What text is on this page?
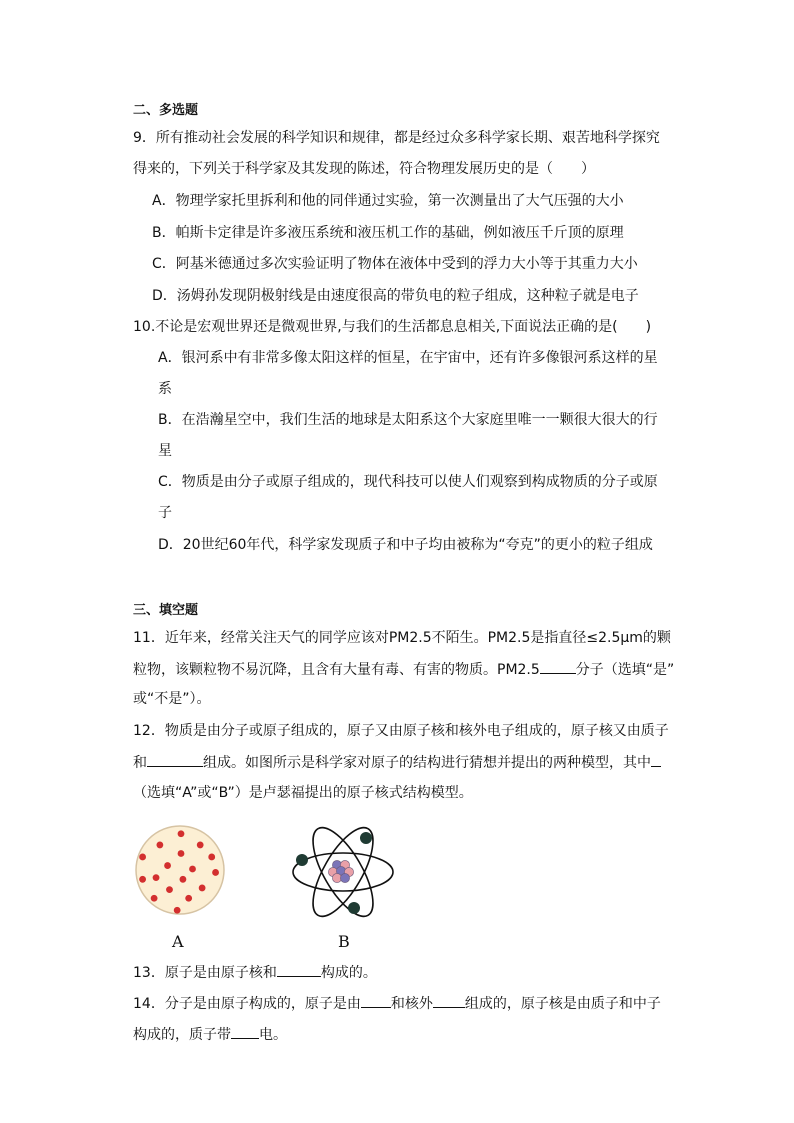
二、多选题
9．所有推动社会发展的科学知识和规律，都是经过众多科学家长期、艰苦地科学探究
得来的，下列关于科学家及其发现的陈述，符合物理发展历史的是（　　）
A．物理学家托里拆利和他的同伴通过实验，第一次测量出了大气压强的大小
B．帕斯卡定律是许多液压系统和液压机工作的基础，例如液压千斤顶的原理
C．阿基米德通过多次实验证明了物体在液体中受到的浮力大小等于其重力大小
D．汤姆孙发现阴极射线是由速度很高的带负电的粒子组成，这种粒子就是电子
10.不论是宏观世界还是微观世界,与我们的生活都息息相关,下面说法正确的是(　　)
A．银河系中有非常多像太阳这样的恒星，在宇宙中，还有许多像银河系这样的星
系
B．在浩瀚星空中，我们生活的地球是太阳系这个大家庭里唯一一颗很大很大的行
星
C．物质是由分子或原子组成的，现代科技可以使人们观察到构成物质的分子或原
子
D．20世纪60年代，科学家发现质子和中子均由被称为“夸克”的更小的粒子组成
三、填空题
11．近年来，经常关注天气的同学应该对PM2.5不陌生。PM2.5是指直径≤2.5μm的颗
粒物，该颗粒物不易沉降，且含有大量有毒、有害的物质。PM2.5	分子（选填“是”
或“不是”）。
12．物质是由分子或原子组成的，原子又由原子核和核外电子组成的，原子核又由质子
和	组成。如图所示是科学家对原子的结构进行猜想并提出的两种模型，其中
（选填“A”或“B”）是卢瑟福提出的原子核式结构模型。
A	B
13．原子是由原子核和	构成的。
14．分子是由原子构成的，原子是由 和核外 组成的，原子核是由质子和中子
构成的，质子带 电。
